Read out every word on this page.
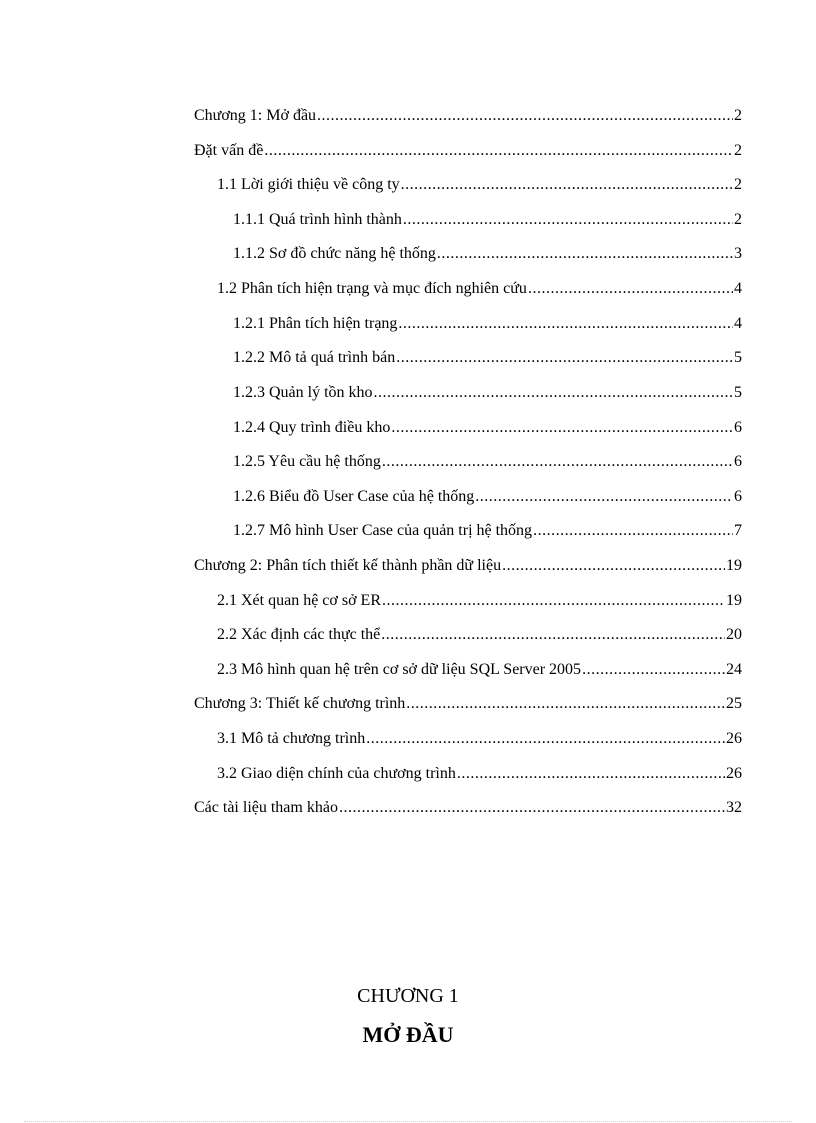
Chương 1: Mở đầu .....	2
Đặt vấn đề .....	2
1.1 Lời giới thiệu về công ty .....	2
1.1.1 Quá trình hình thành .....	2
1.1.2 Sơ đồ chức năng hệ thống .....	3
1.2 Phân tích hiện trạng và mục đích nghiên cứu .....	4
1.2.1 Phân tích hiện trạng .....	4
1.2.2 Mô tả quá trình bán .....	5
1.2.3 Quản lý tồn kho .....	5
1.2.4 Quy trình điều kho .....	6
1.2.5 Yêu cầu hệ thống .....	6
1.2.6 Biểu đồ User Case của hệ thống .....	6
1.2.7 Mô hình User Case của quản trị hệ thống .....	7
Chương 2: Phân tích thiết kế thành phần dữ liệu .....	19
2.1 Xét quan hệ cơ sở ER .....	19
2.2 Xác định các thực thể .....	20
2.3 Mô hình quan hệ trên cơ sở dữ liệu SQL Server 2005 .....	24
Chương 3: Thiết kế chương trình .....	25
3.1 Mô tả chương trình .....	26
3.2 Giao diện chính của chương trình .....	26
Các tài liệu tham khảo .....	32
CHƯƠNG 1
MỞ ĐẦU
